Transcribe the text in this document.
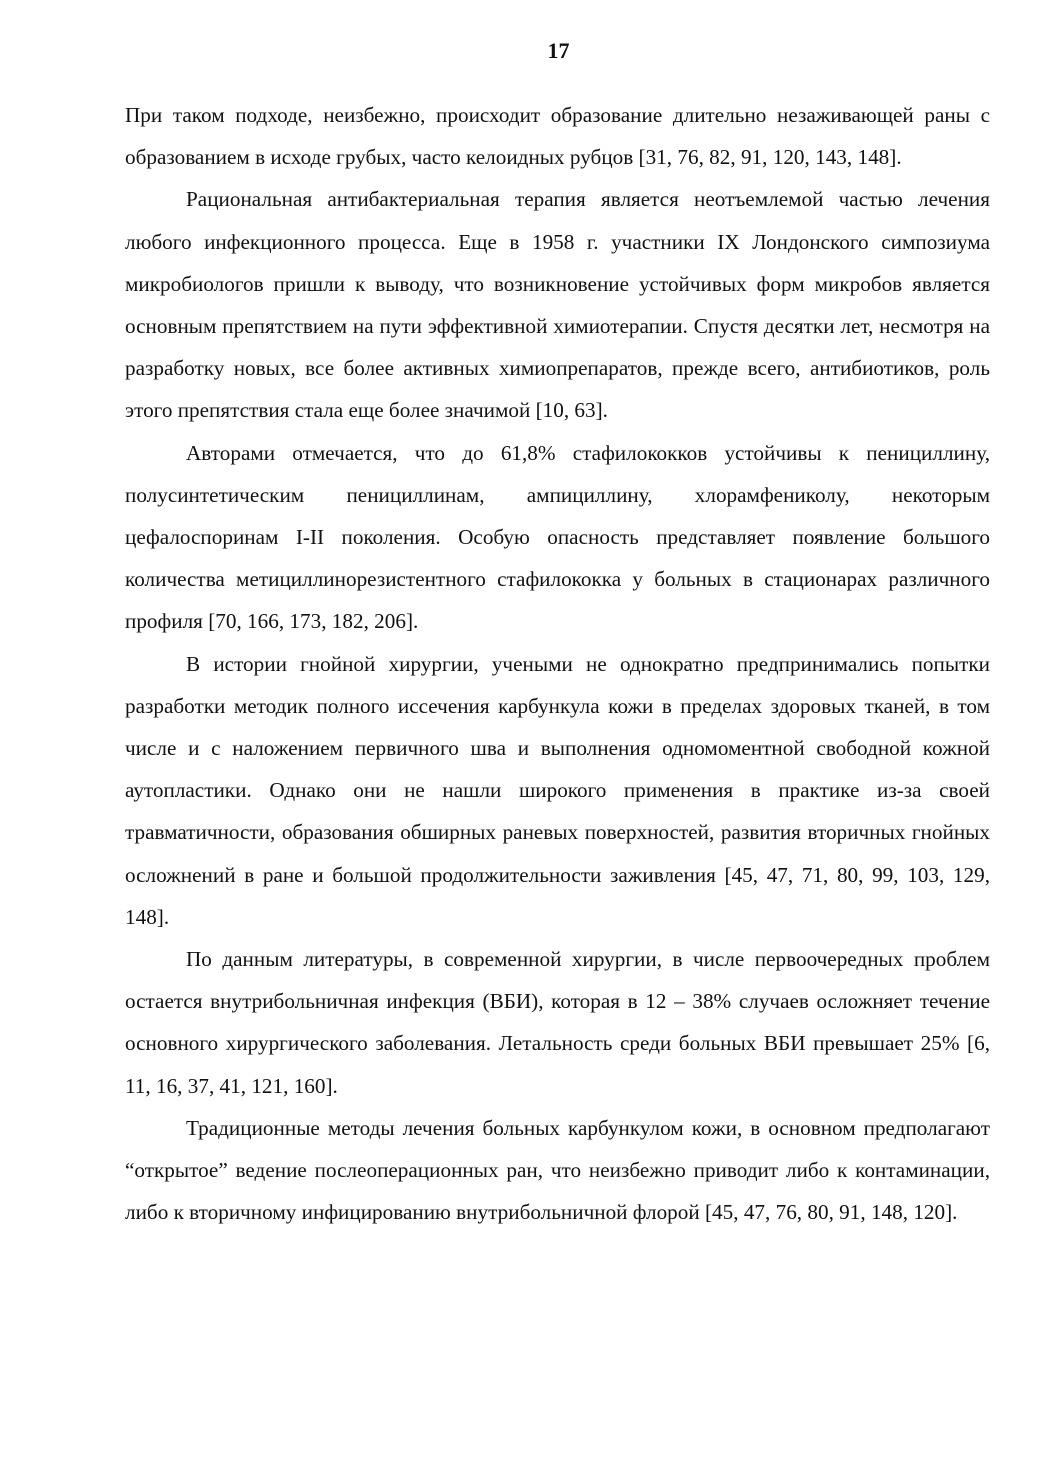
17

При таком подходе, неизбежно, происходит образование длительно незаживающей раны с образованием в исходе грубых, часто келоидных рубцов [31, 76, 82, 91, 120, 143, 148].

Рациональная антибактериальная терапия является неотъемлемой частью лечения любого инфекционного процесса. Еще в 1958 г. участники IX Лондонского симпозиума микробиологов пришли к выводу, что возникновение устойчивых форм микробов является основным препятствием на пути эффективной химиотерапии. Спустя десятки лет, несмотря на разработку новых, все более активных химиопрепаратов, прежде всего, антибиотиков, роль этого препятствия стала еще более значимой [10, 63].

Авторами отмечается, что до 61,8% стафилококков устойчивы к пенициллину, полусинтетическим пенициллинам, ампициллину, хлорамфениколу, некоторым цефалоспоринам I-II поколения. Особую опасность представляет появление большого количества метициллинорезистентного стафилококка у больных в стационарах различного профиля [70, 166, 173, 182, 206].

В истории гнойной хирургии, учеными не однократно предпринимались попытки разработки методик полного иссечения карбункула кожи в пределах здоровых тканей, в том числе и с наложением первичного шва и выполнения одномоментной свободной кожной аутопластики. Однако они не нашли широкого применения в практике из-за своей травматичности, образования обширных раневых поверхностей, развития вторичных гнойных осложнений в ране и большой продолжительности заживления [45, 47, 71, 80, 99, 103, 129, 148].

По данным литературы, в современной хирургии, в числе первоочередных проблем остается внутрибольничная инфекция (ВБИ), которая в 12 – 38% случаев осложняет течение основного хирургического заболевания. Летальность среди больных ВБИ превышает 25% [6, 11, 16, 37, 41, 121, 160].

Традиционные методы лечения больных карбункулом кожи, в основном предполагают “открытое” ведение послеоперационных ран, что неизбежно приводит либо к контаминации, либо к вторичному инфицированию внутрибольничной флорой [45, 47, 76, 80, 91, 148, 120].
